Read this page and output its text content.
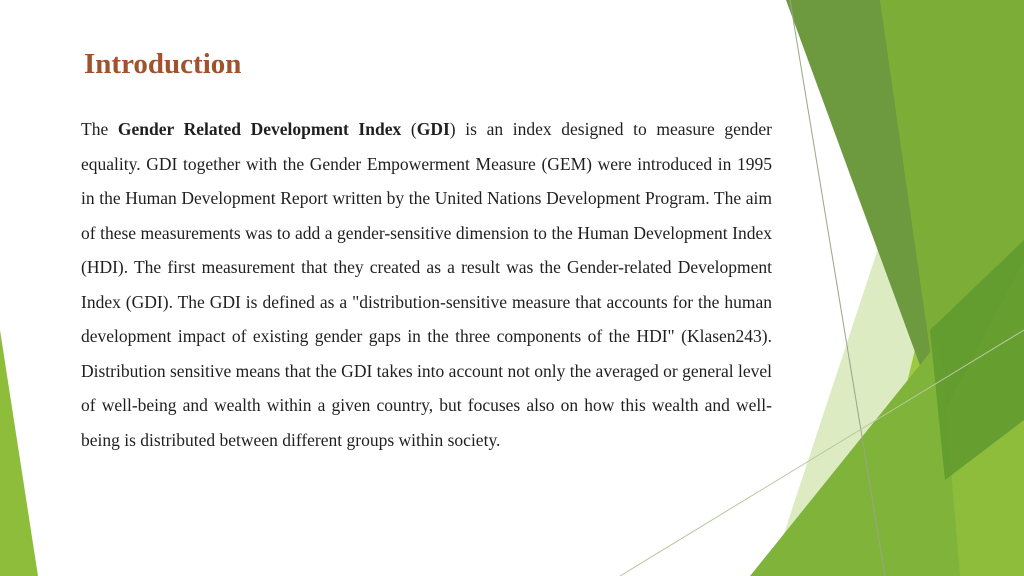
Introduction

The Gender Related Development Index (GDI) is an index designed to measure gender equality. GDI together with the Gender Empowerment Measure (GEM) were introduced in 1995 in the Human Development Report written by the United Nations Development Program. The aim of these measurements was to add a gender-sensitive dimension to the Human Development Index (HDI). The first measurement that they created as a result was the Gender-related Development Index (GDI). The GDI is defined as a "distribution-sensitive measure that accounts for the human development impact of existing gender gaps in the three components of the HDI" (Klasen243). Distribution sensitive means that the GDI takes into account not only the averaged or general level of well-being and wealth within a given country, but focuses also on how this wealth and well-being is distributed between different groups within society.
